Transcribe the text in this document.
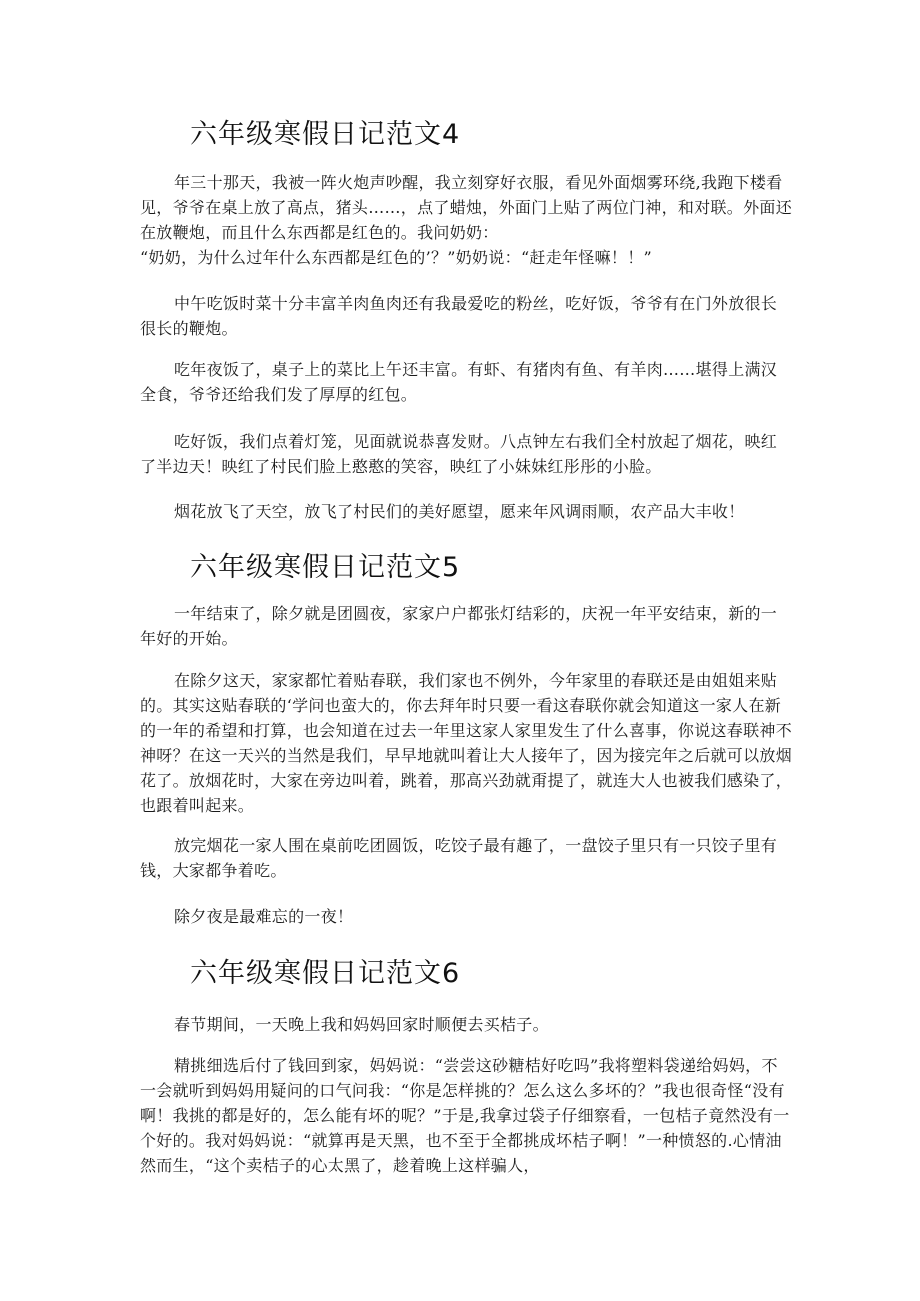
六年级寒假日记范文4

年三十那天，我被一阵火炮声吵醒，我立刻穿好衣服，看见外面烟雾环绕,我跑下楼看见，爷爷在桌上放了高点，猪头……，点了蜡烛，外面门上贴了两位门神，和对联。外面还在放鞭炮，而且什么东西都是红色的。我问奶奶：

“奶奶，为什么过年什么东西都是红色的’？”奶奶说：“赶走年怪嘛！！”

中午吃饭时菜十分丰富羊肉鱼肉还有我最爱吃的粉丝，吃好饭，爷爷有在门外放很长很长的鞭炮。

吃年夜饭了，桌子上的菜比上午还丰富。有虾、有猪肉有鱼、有羊肉……堪得上满汉全食，爷爷还给我们发了厚厚的红包。

吃好饭，我们点着灯笼，见面就说恭喜发财。八点钟左右我们全村放起了烟花，映红了半边天！映红了村民们脸上憨憨的笑容，映红了小妹妹红彤彤的小脸。

烟花放飞了天空，放飞了村民们的美好愿望，愿来年风调雨顺，农产品大丰收！

六年级寒假日记范文5

一年结束了，除夕就是团圆夜，家家户户都张灯结彩的，庆祝一年平安结束，新的一年好的开始。

在除夕这天，家家都忙着贴春联，我们家也不例外，今年家里的春联还是由姐姐来贴的。其实这贴春联的‘学问也蛮大的，你去拜年时只要一看这春联你就会知道这一家人在新的一年的希望和打算，也会知道在过去一年里这家人家里发生了什么喜事，你说这春联神不神呀？在这一天兴的当然是我们，早早地就叫着让大人接年了，因为接完年之后就可以放烟花了。放烟花时，大家在旁边叫着，跳着，那高兴劲就甭提了，就连大人也被我们感染了，也跟着叫起来。

放完烟花一家人围在桌前吃团圆饭，吃饺子最有趣了，一盘饺子里只有一只饺子里有钱，大家都争着吃。

除夕夜是最难忘的一夜！

六年级寒假日记范文6

春节期间，一天晚上我和妈妈回家时顺便去买桔子。

精挑细选后付了钱回到家，妈妈说：“尝尝这砂糖桔好吃吗”我将塑料袋递给妈妈，不一会就听到妈妈用疑问的口气问我：“你是怎样挑的？怎么这么多坏的？”我也很奇怪“没有啊！我挑的都是好的，怎么能有坏的呢？”于是,我拿过袋子仔细察看，一包桔子竟然没有一个好的。我对妈妈说：“就算再是天黑，也不至于全都挑成坏桔子啊！”一种愤怒的.心情油然而生，“这个卖桔子的心太黑了，趁着晚上这样骗人，
